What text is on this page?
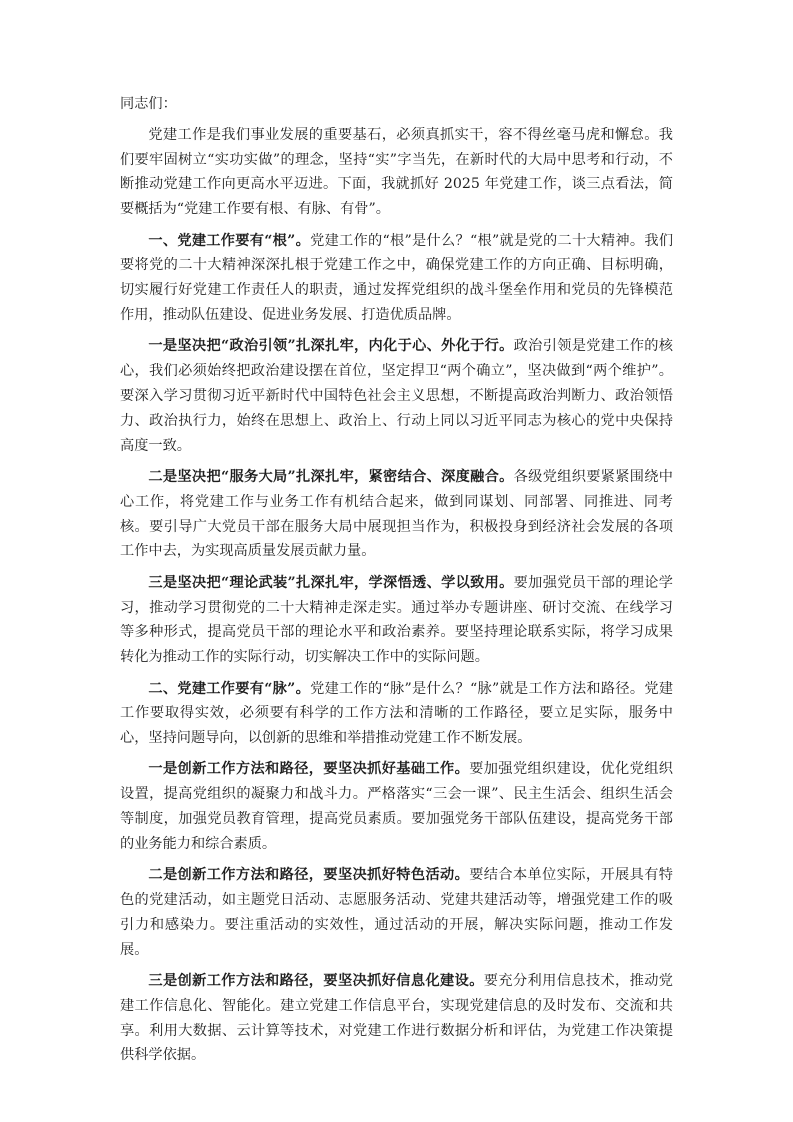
同志们：

党建工作是我们事业发展的重要基石，必须真抓实干，容不得丝毫马虎和懈怠。我们要牢固树立“实功实做”的理念，坚持“实”字当先，在新时代的大局中思考和行动，不断推动党建工作向更高水平迈进。下面，我就抓好 2025 年党建工作，谈三点看法，简要概括为“党建工作要有根、有脉、有骨”。

一、党建工作要有“根”。党建工作的“根”是什么？“根”就是党的二十大精神。我们要将党的二十大精神深深扎根于党建工作之中，确保党建工作的方向正确、目标明确，切实履行好党建工作责任人的职责，通过发挥党组织的战斗堡垒作用和党员的先锋模范作用，推动队伍建设、促进业务发展、打造优质品牌。

一是坚决把“政治引领”扎深扎牢，内化于心、外化于行。政治引领是党建工作的核心，我们必须始终把政治建设摆在首位，坚定捍卫“两个确立”，坚决做到“两个维护”。要深入学习贯彻习近平新时代中国特色社会主义思想，不断提高政治判断力、政治领悟力、政治执行力，始终在思想上、政治上、行动上同以习近平同志为核心的党中央保持高度一致。

二是坚决把“服务大局”扎深扎牢，紧密结合、深度融合。各级党组织要紧紧围绕中心工作，将党建工作与业务工作有机结合起来，做到同谋划、同部署、同推进、同考核。要引导广大党员干部在服务大局中展现担当作为，积极投身到经济社会发展的各项工作中去，为实现高质量发展贡献力量。

三是坚决把“理论武装”扎深扎牢，学深悟透、学以致用。要加强党员干部的理论学习，推动学习贯彻党的二十大精神走深走实。通过举办专题讲座、研讨交流、在线学习等多种形式，提高党员干部的理论水平和政治素养。要坚持理论联系实际，将学习成果转化为推动工作的实际行动，切实解决工作中的实际问题。

二、党建工作要有“脉”。党建工作的“脉”是什么？“脉”就是工作方法和路径。党建工作要取得实效，必须要有科学的工作方法和清晰的工作路径，要立足实际，服务中心，坚持问题导向，以创新的思维和举措推动党建工作不断发展。

一是创新工作方法和路径，要坚决抓好基础工作。要加强党组织建设，优化党组织设置，提高党组织的凝聚力和战斗力。严格落实“三会一课”、民主生活会、组织生活会等制度，加强党员教育管理，提高党员素质。要加强党务干部队伍建设，提高党务干部的业务能力和综合素质。

二是创新工作方法和路径，要坚决抓好特色活动。要结合本单位实际，开展具有特色的党建活动，如主题党日活动、志愿服务活动、党建共建活动等，增强党建工作的吸引力和感染力。要注重活动的实效性，通过活动的开展，解决实际问题，推动工作发展。

三是创新工作方法和路径，要坚决抓好信息化建设。要充分利用信息技术，推动党建工作信息化、智能化。建立党建工作信息平台，实现党建信息的及时发布、交流和共享。利用大数据、云计算等技术，对党建工作进行数据分析和评估，为党建工作决策提供科学依据。
